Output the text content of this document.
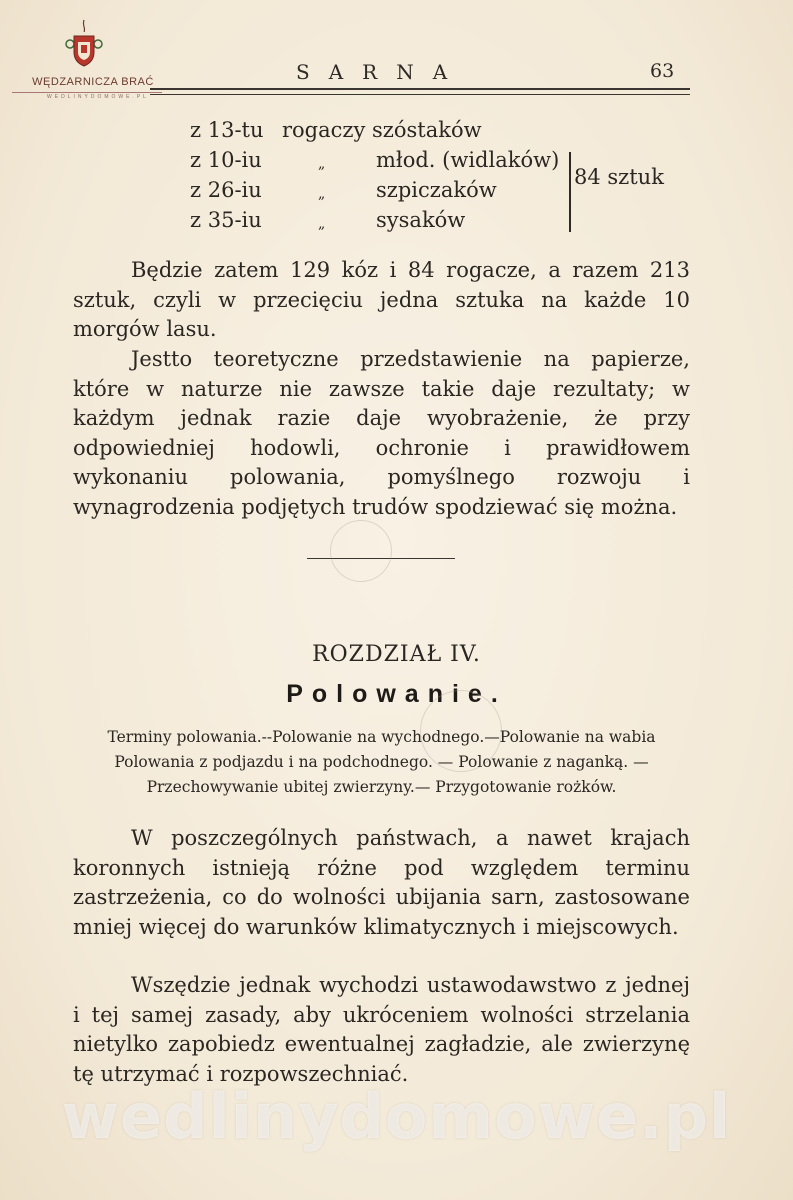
WĘDZARNICZA BRAĆ
WEDLINYDOMOWE.PL
SARNA	63
z 13-tu rogaczy szóstaków
z 10-iu	„ młod. (widlaków)
z 26-iu	„ szpiczaków
z 35-iu	„ sysaków
84 sztuk

Będzie zatem 129 kóz i 84 rogacze, a razem 213 sztuk, czyli w przecięciu jedna sztuka na każde 10 morgów lasu.

Jestto teoretyczne przedstawienie na papierze, które w naturze nie zawsze takie daje rezultaty; w każdym jednak razie daje wyobrażenie, że przy odpowiedniej hodowli, ochronie i prawidłowem wykonaniu polowania, pomyślnego rozwoju i wynagrodzenia podjętych trudów spodziewać się można.

ROZDZIAŁ IV.
Polowanie.
Terminy polowania.--Polowanie na wychodnego.—Polowanie na wabia
Polowania z podjazdu i na podchodnego. — Polowanie z naganką. —
Przechowywanie ubitej zwierzyny.— Przygotowanie rożków.

W poszczególnych państwach, a nawet krajach koronnych istnieją różne pod względem terminu zastrzeżenia, co do wolności ubijania sarn, zastosowane mniej więcej do warunków klimatycznych i miejscowych.

Wszędzie jednak wychodzi ustawodawstwo z jednej i tej samej zasady, aby ukróceniem wolności strzelania nietylko zapobiedz ewentualnej zagładzie, ale zwierzynę tę utrzymać i rozpowszechniać.

wedlinydomowe.pl
